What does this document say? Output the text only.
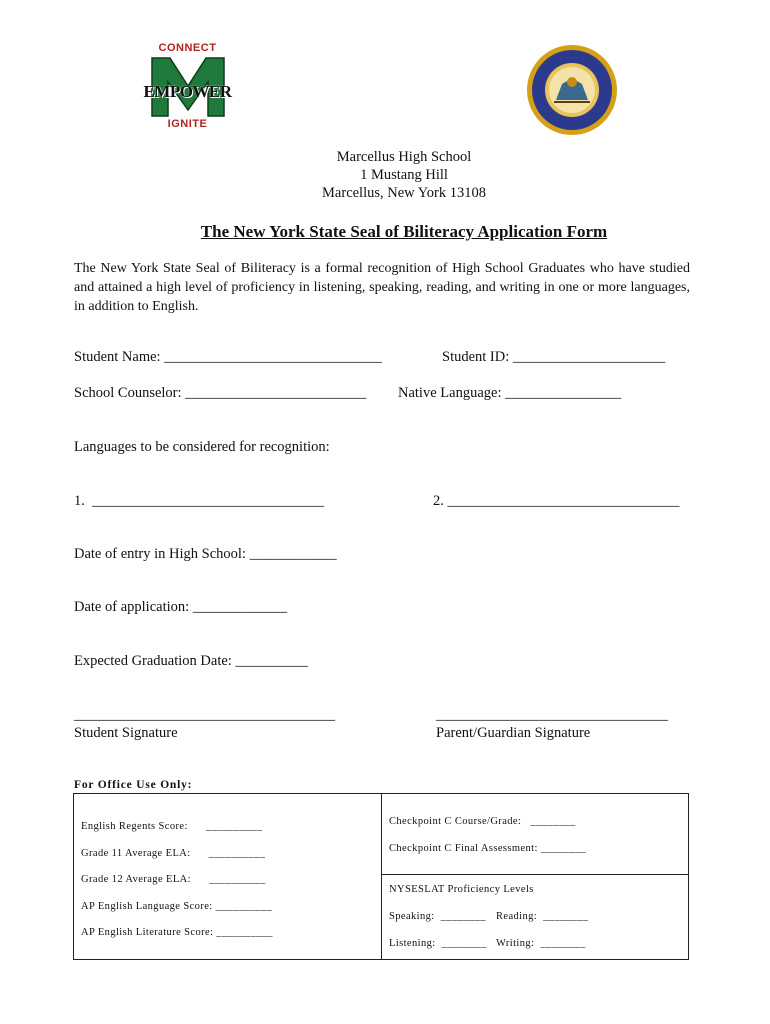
CONNECT
EMPOWER
IGNITE
Marcellus High School
1 Mustang Hill
Marcellus, New York 13108
The New York State Seal of Biliteracy Application Form
The New York State Seal of Biliteracy is a formal recognition of High School Graduates who have studied and attained a high level of proficiency in listening, speaking, reading, and writing in one or more languages, in addition to English.
Student Name: ______________________________	Student ID: _____________________
School Counselor: _________________________ Native Language: ________________
Languages to be considered for recognition:
1.  ________________________________	2. ________________________________
Date of entry in High School: ____________
Date of application: _____________
Expected Graduation Date: __________
____________________________________
Student Signature
________________________________
Parent/Guardian Signature
For Office Use Only:
English Regents Score:      __________
Grade 11 Average ELA:      __________
Grade 12 Average ELA:      __________
AP English Language Score: __________
AP English Literature Score: __________
Checkpoint C Course/Grade:   ________
Checkpoint C Final Assessment: ________
NYSESLAT Proficiency Levels
Speaking:  ________ Reading:  ________
Listening:  ________ Writing:  ________
